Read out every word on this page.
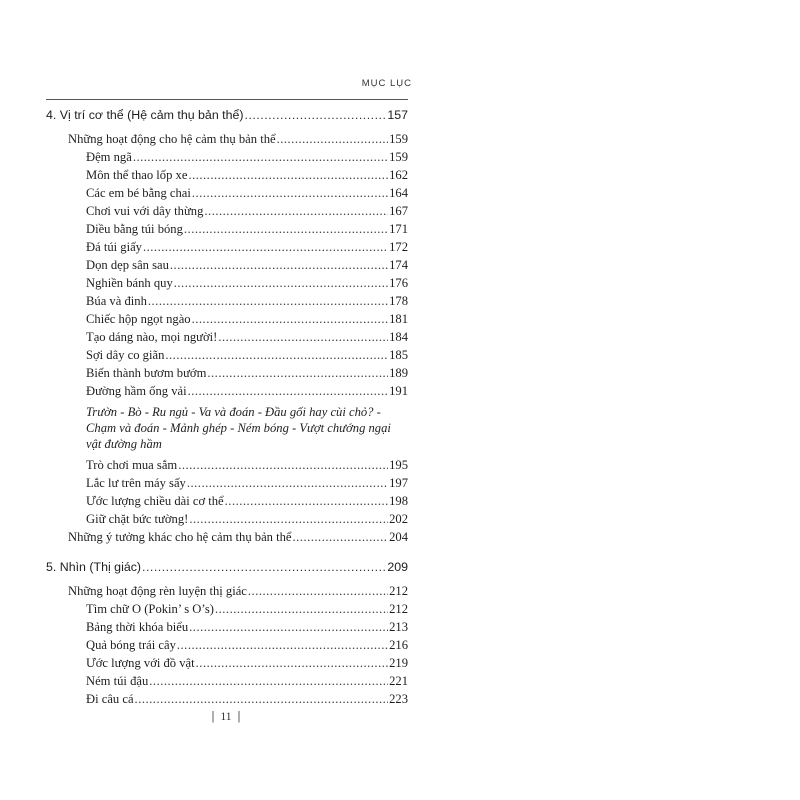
MỤC LỤC
4. Vị trí cơ thể (Hệ cảm thụ bản thể) .....	157
Những hoạt động cho hệ cảm thụ bản thể .....	159
Đệm ngã .....	159
Môn thể thao lốp xe .....	162
Các em bé bằng chai .....	164
Chơi vui với dây thừng .....	167
Diều bằng túi bóng .....	171
Đá túi giấy .....	172
Dọn dẹp sân sau .....	174
Nghiền bánh quy .....	176
Búa và đinh .....	178
Chiếc hộp ngọt ngào .....	181
Tạo dáng nào, mọi người! .....	184
Sợi dây co giãn .....	185
Biến thành bươm bướm .....	189
Đường hầm ống vải .....	191
Trườn - Bò - Ru ngủ - Va và đoán - Đầu gối hay cùi chỏ? - Chạm và đoán - Mảnh ghép - Ném bóng - Vượt chướng ngại vật đường hầm
Trò chơi mua sắm .....	195
Lắc lư trên máy sấy .....	197
Ước lượng chiều dài cơ thể .....	198
Giữ chặt bức tường! .....	202
Những ý tưởng khác cho hệ cảm thụ bản thể .....	204
5. Nhìn (Thị giác) .....	209
Những hoạt động rèn luyện thị giác .....	212
Tìm chữ O (Pokin’ s O’s) .....	212
Bảng thời khóa biểu .....	213
Quả bóng trái cây .....	216
Ước lượng với đồ vật .....	219
Ném túi đậu .....	221
Đi câu cá .....	223
| 11 |
